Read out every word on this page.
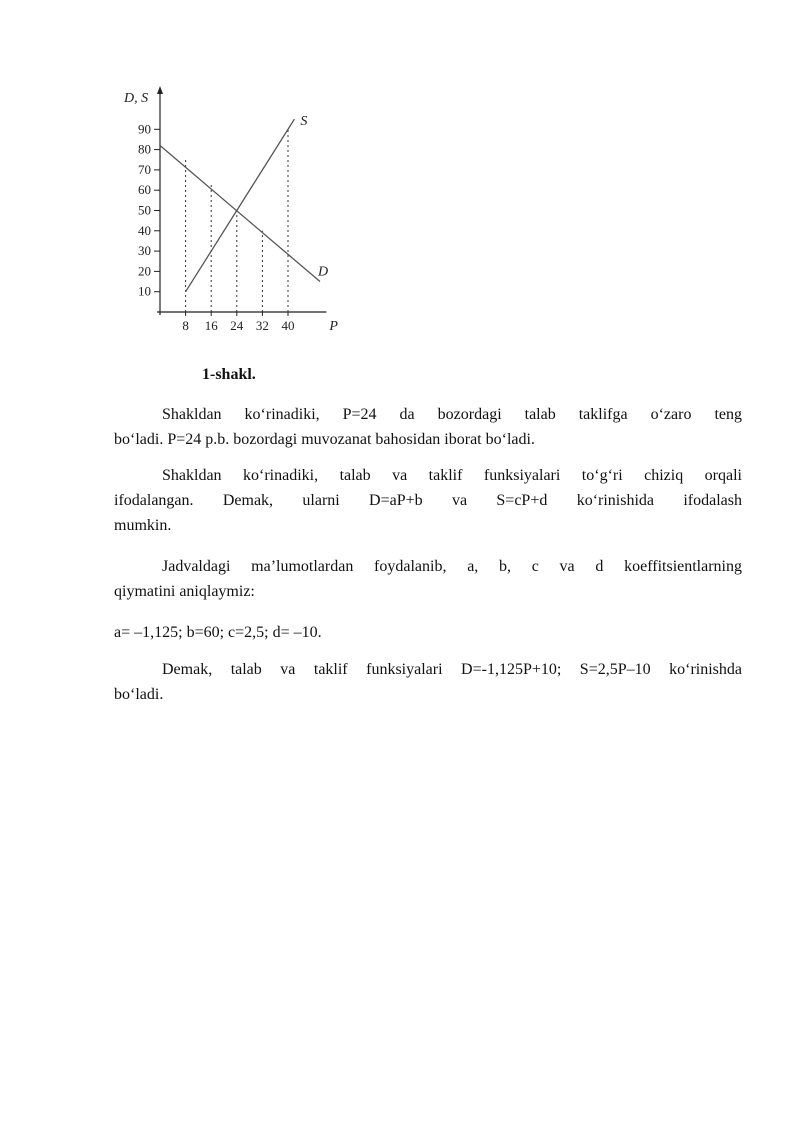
D, S
P
10
20
30
40
50
60
70
80
90
8 16 24 32 40
S
D
1-shakl.
Shakldan ko‘rinadiki, P=24 da bozordagi talab taklifga o‘zaro teng
bo‘ladi. P=24 p.b. bozordagi muvozanat bahosidan iborat bo‘ladi.
Shakldan ko‘rinadiki, talab va taklif funksiyalari to‘g‘ri chiziq orqali
ifodalangan. Demak, ularni D=aP+b va S=cP+d ko‘rinishida ifodalash
mumkin.
Jadvaldagi ma’lumotlardan foydalanib, a, b, c va d koeffitsientlarning
qiymatini aniqlaymiz:
a= –1,125; b=60; c=2,5; d= –10.
Demak, talab va taklif funksiyalari D=-1,125P+10; S=2,5P–10 ko‘rinishda
bo‘ladi.
